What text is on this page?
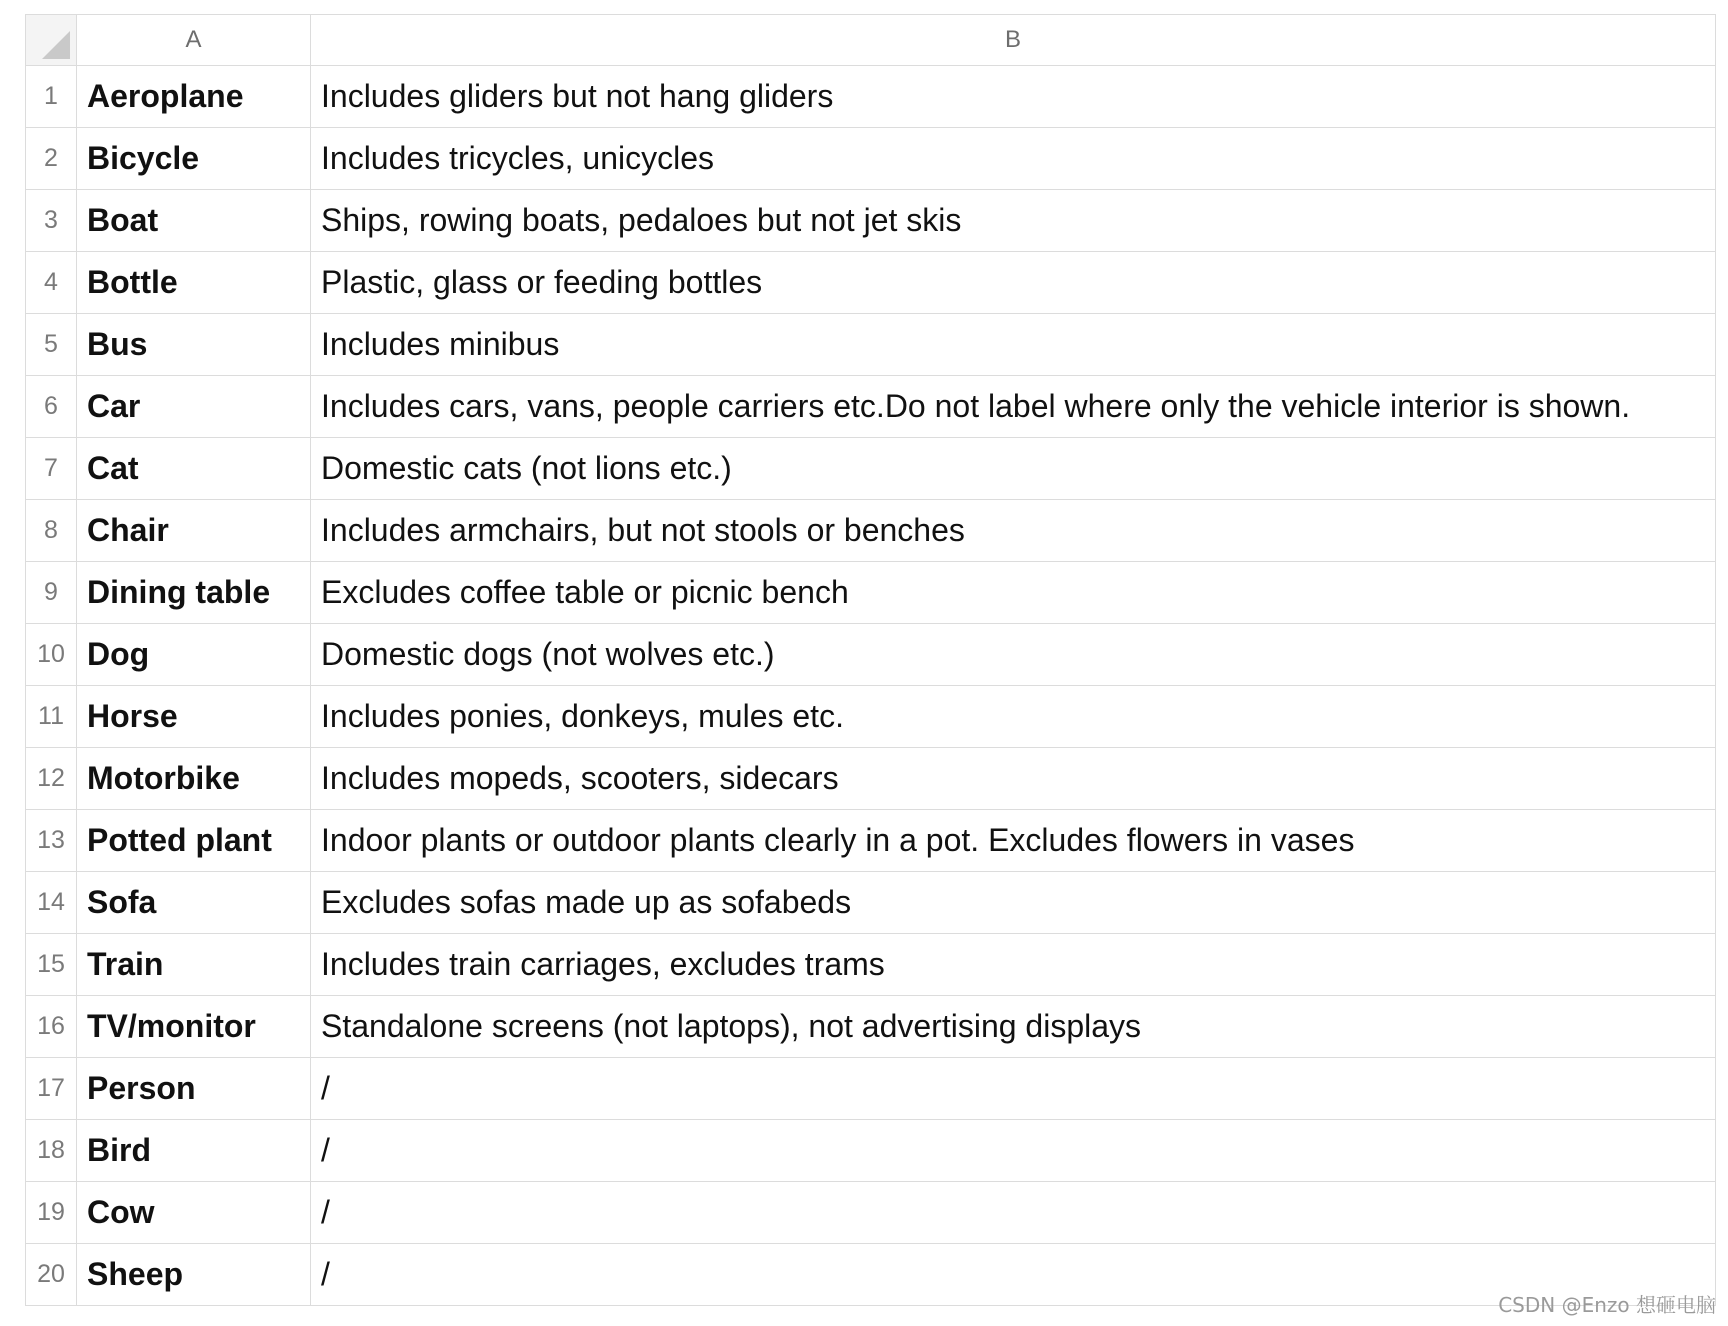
	A	B
1	Aeroplane	Includes gliders but not hang gliders
2	Bicycle	Includes tricycles, unicycles
3	Boat	Ships, rowing boats, pedaloes but not jet skis
4	Bottle	Plastic, glass or feeding bottles
5	Bus	Includes minibus
6	Car	Includes cars, vans, people carriers etc.Do not label where only the vehicle interior is shown.
7	Cat	Domestic cats (not lions etc.)
8	Chair	Includes armchairs, but not stools or benches
9	Dining table	Excludes coffee table or picnic bench
10	Dog	Domestic dogs (not wolves etc.)
11	Horse	Includes ponies, donkeys, mules etc.
12	Motorbike	Includes mopeds, scooters, sidecars
13	Potted plant	Indoor plants or outdoor plants clearly in a pot. Excludes flowers in vases
14	Sofa	Excludes sofas made up as sofabeds
15	Train	Includes train carriages, excludes trams
16	TV/monitor	Standalone screens (not laptops), not advertising displays
17	Person	/
18	Bird	/
19	Cow	/
20	Sheep	/
CSDN @Enzo 想砸电脑
